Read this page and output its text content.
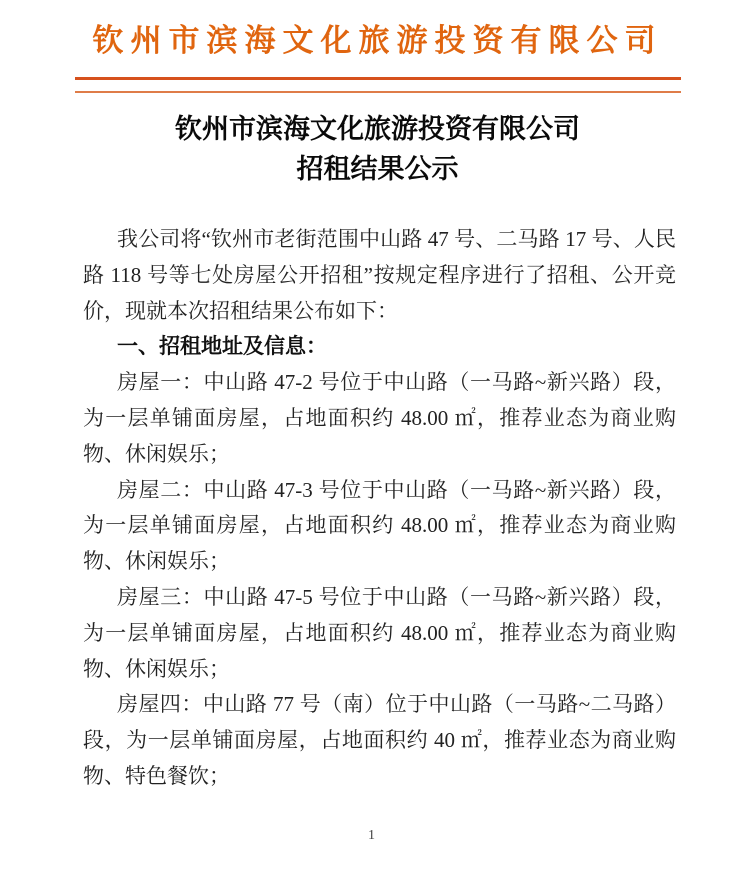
钦州市滨海文化旅游投资有限公司
钦州市滨海文化旅游投资有限公司
招租结果公示

我公司将“钦州市老街范围中山路 47 号、二马路 17 号、人民路 118 号等七处房屋公开招租”按规定程序进行了招租、公开竞价，现就本次招租结果公布如下：

一、招租地址及信息：

房屋一：中山路 47-2 号位于中山路（一马路~新兴路）段，为一层单铺面房屋，占地面积约 48.00 ㎡，推荐业态为商业购物、休闲娱乐；

房屋二：中山路 47-3 号位于中山路（一马路~新兴路）段，为一层单铺面房屋，占地面积约 48.00 ㎡，推荐业态为商业购物、休闲娱乐；

房屋三：中山路 47-5 号位于中山路（一马路~新兴路）段，为一层单铺面房屋，占地面积约 48.00 ㎡，推荐业态为商业购物、休闲娱乐；

房屋四：中山路 77 号（南）位于中山路（一马路~二马路）段，为一层单铺面房屋，占地面积约 40 ㎡，推荐业态为商业购物、特色餐饮；

1
